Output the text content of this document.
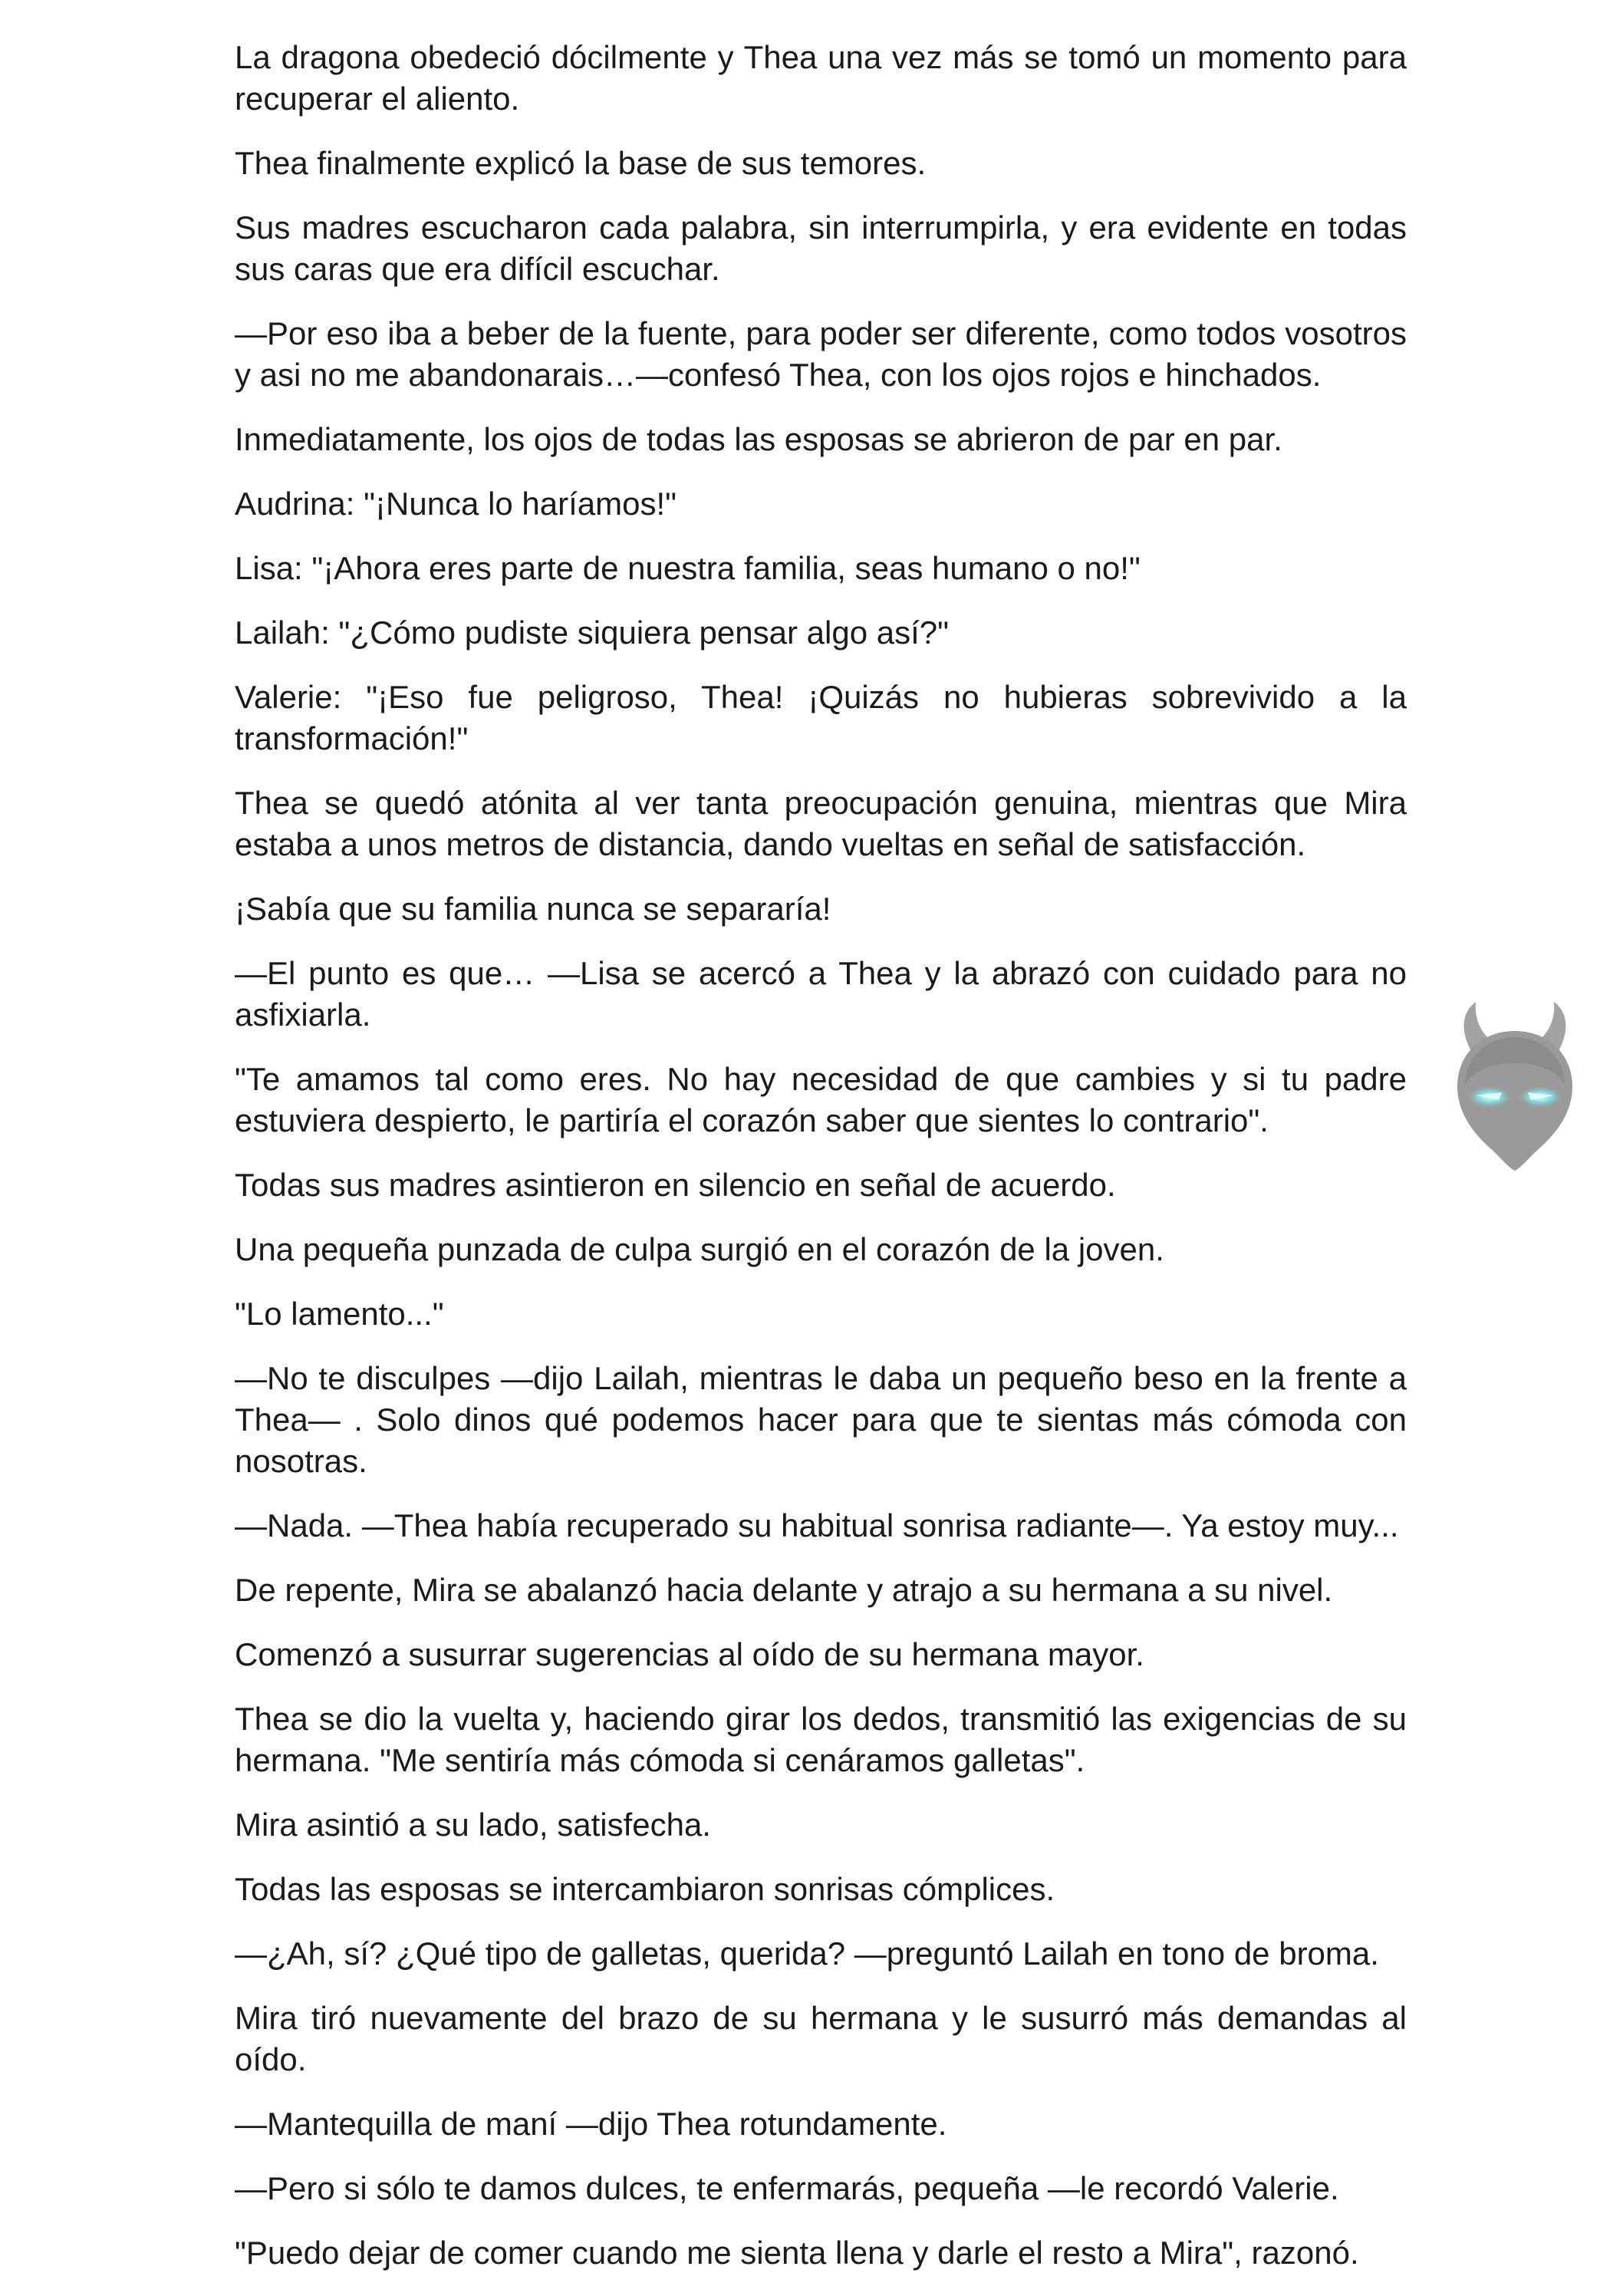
La dragona obedeció dócilmente y Thea una vez más se tomó un momento para recuperar el aliento.

Thea finalmente explicó la base de sus temores.

Sus madres escucharon cada palabra, sin interrumpirla, y era evidente en todas sus caras que era difícil escuchar.

—Por eso iba a beber de la fuente, para poder ser diferente, como todos vosotros y asi no me abandonarais…—confesó Thea, con los ojos rojos e hinchados.

Inmediatamente, los ojos de todas las esposas se abrieron de par en par.

Audrina: "¡Nunca lo haríamos!"

Lisa: "¡Ahora eres parte de nuestra familia, seas humano o no!"

Lailah: "¿Cómo pudiste siquiera pensar algo así?"

Valerie: "¡Eso fue peligroso, Thea! ¡Quizás no hubieras sobrevivido a la transformación!"

Thea se quedó atónita al ver tanta preocupación genuina, mientras que Mira estaba a unos metros de distancia, dando vueltas en señal de satisfacción.

¡Sabía que su familia nunca se separaría!

—El punto es que… —Lisa se acercó a Thea y la abrazó con cuidado para no asfixiarla.

"Te amamos tal como eres. No hay necesidad de que cambies y si tu padre estuviera despierto, le partiría el corazón saber que sientes lo contrario".

Todas sus madres asintieron en silencio en señal de acuerdo.

Una pequeña punzada de culpa surgió en el corazón de la joven.

"Lo lamento..."

—No te disculpes —dijo Lailah, mientras le daba un pequeño beso en la frente a Thea— . Solo dinos qué podemos hacer para que te sientas más cómoda con nosotras.

—Nada. —Thea había recuperado su habitual sonrisa radiante—. Ya estoy muy...

De repente, Mira se abalanzó hacia delante y atrajo a su hermana a su nivel.

Comenzó a susurrar sugerencias al oído de su hermana mayor.

Thea se dio la vuelta y, haciendo girar los dedos, transmitió las exigencias de su hermana. "Me sentiría más cómoda si cenáramos galletas".

Mira asintió a su lado, satisfecha.

Todas las esposas se intercambiaron sonrisas cómplices.

—¿Ah, sí? ¿Qué tipo de galletas, querida? —preguntó Lailah en tono de broma.

Mira tiró nuevamente del brazo de su hermana y le susurró más demandas al oído.

—Mantequilla de maní —dijo Thea rotundamente.

—Pero si sólo te damos dulces, te enfermarás, pequeña —le recordó Valerie.

"Puedo dejar de comer cuando me sienta llena y darle el resto a Mira", razonó.
